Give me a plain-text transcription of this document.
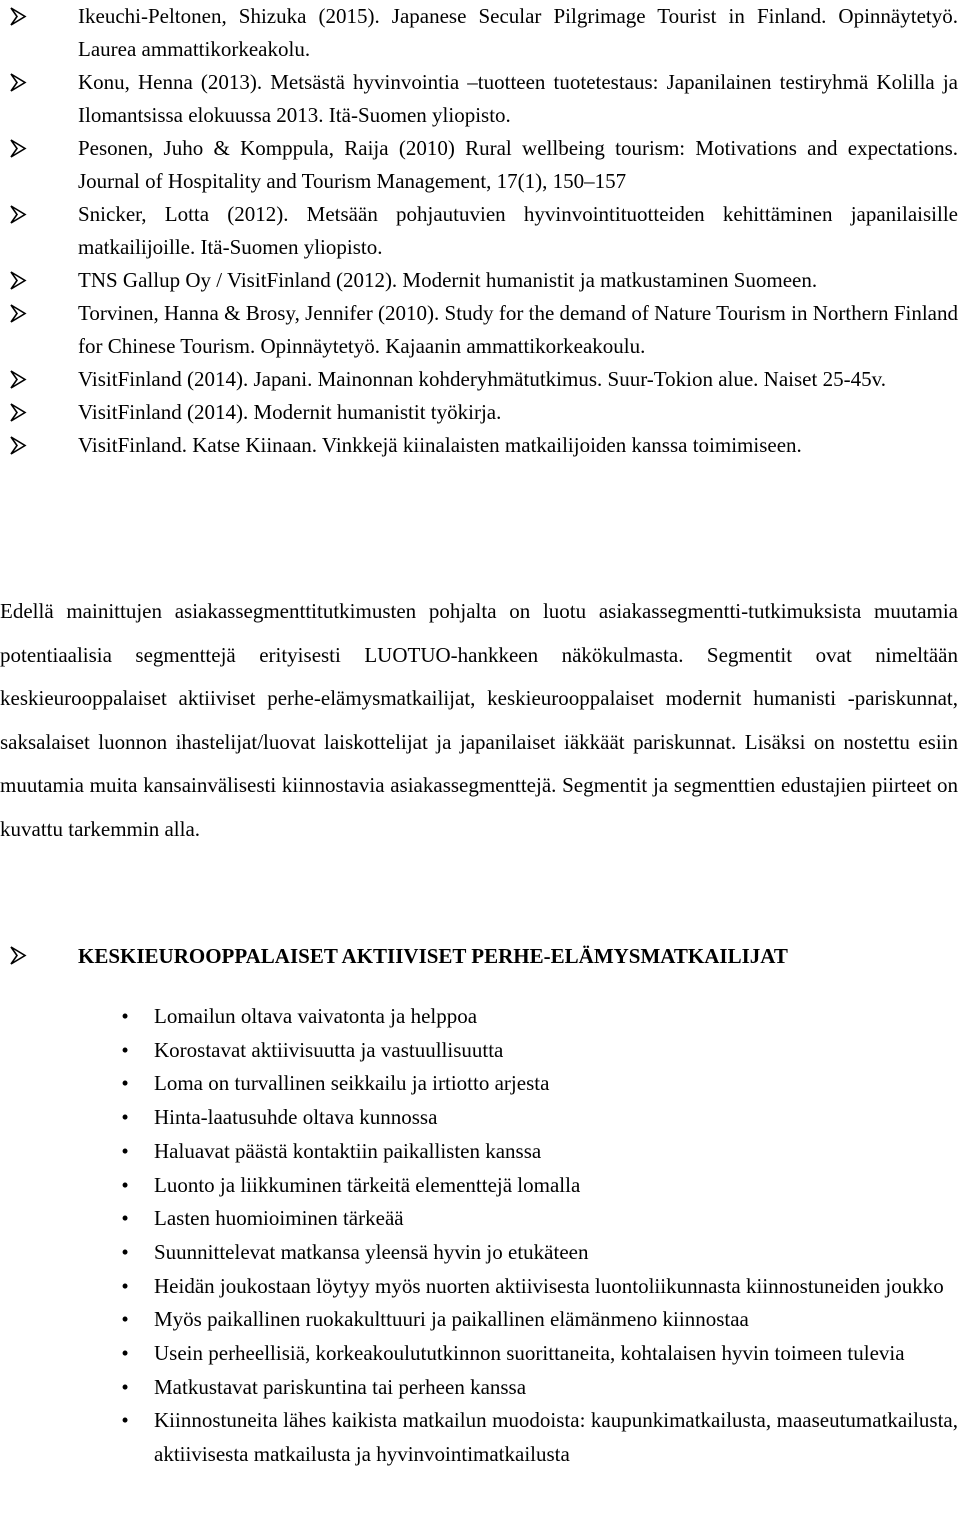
Ikeuchi-Peltonen, Shizuka (2015). Japanese Secular Pilgrimage Tourist in Finland. Opinnäytetyö. Laurea ammattikorkeakolu.
Konu, Henna (2013). Metsästä hyvinvointia –tuotteen tuotetestaus: Japanilainen testiryhmä Kolilla ja Ilomantsissa elokuussa 2013. Itä-Suomen yliopisto.
Pesonen, Juho & Komppula, Raija (2010) Rural wellbeing tourism: Motivations and expectations. Journal of Hospitality and Tourism Management, 17(1), 150–157
Snicker, Lotta (2012). Metsään pohjautuvien hyvinvointituotteiden kehittäminen japanilaisille matkailijoille. Itä-Suomen yliopisto.
TNS Gallup Oy / VisitFinland (2012). Modernit humanistit ja matkustaminen Suomeen.
Torvinen, Hanna & Brosy, Jennifer (2010). Study for the demand of Nature Tourism in Northern Finland for Chinese Tourism. Opinnäytetyö. Kajaanin ammattikorkeakoulu.
VisitFinland (2014). Japani. Mainonnan kohderyhmätutkimus. Suur-Tokion alue. Naiset 25-45v.
VisitFinland (2014). Modernit humanistit työkirja.
VisitFinland. Katse Kiinaan. Vinkkejä kiinalaisten matkailijoiden kanssa toimimiseen.

Edellä mainittujen asiakassegmenttitutkimusten pohjalta on luotu asiakassegmentti-tutkimuksista muutamia potentiaalisia segmenttejä erityisesti LUOTUO-hankkeen näkökulmasta. Segmentit ovat nimeltään keskieurooppalaiset aktiiviset perhe-elämysmatkailijat, keskieurooppalaiset modernit humanisti -pariskunnat, saksalaiset luonnon ihastelijat/luovat laiskottelijat ja japanilaiset iäkkäät pariskunnat. Lisäksi on nostettu esiin muutamia muita kansainvälisesti kiinnostavia asiakassegmenttejä. Segmentit ja segmenttien edustajien piirteet on kuvattu tarkemmin alla.

KESKIEUROOPPALAISET AKTIIVISET PERHE-ELÄMYSMATKAILIJAT
• Lomailun oltava vaivatonta ja helppoa
• Korostavat aktiivisuutta ja vastuullisuutta
• Loma on turvallinen seikkailu ja irtiotto arjesta
• Hinta-laatusuhde oltava kunnossa
• Haluavat päästä kontaktiin paikallisten kanssa
• Luonto ja liikkuminen tärkeitä elementtejä lomalla
• Lasten huomioiminen tärkeää
• Suunnittelevat matkansa yleensä hyvin jo etukäteen
• Heidän joukostaan löytyy myös nuorten aktiivisesta luontoliikunnasta kiinnostuneiden joukko
• Myös paikallinen ruokakulttuuri ja paikallinen elämänmeno kiinnostaa
• Usein perheellisiä, korkeakoulututkinnon suorittaneita, kohtalaisen hyvin toimeen tulevia
• Matkustavat pariskuntina tai perheen kanssa
• Kiinnostuneita lähes kaikista matkailun muodoista: kaupunkimatkailusta, maaseutumatkailusta, aktiivisesta matkailusta ja hyvinvointimatkailusta
